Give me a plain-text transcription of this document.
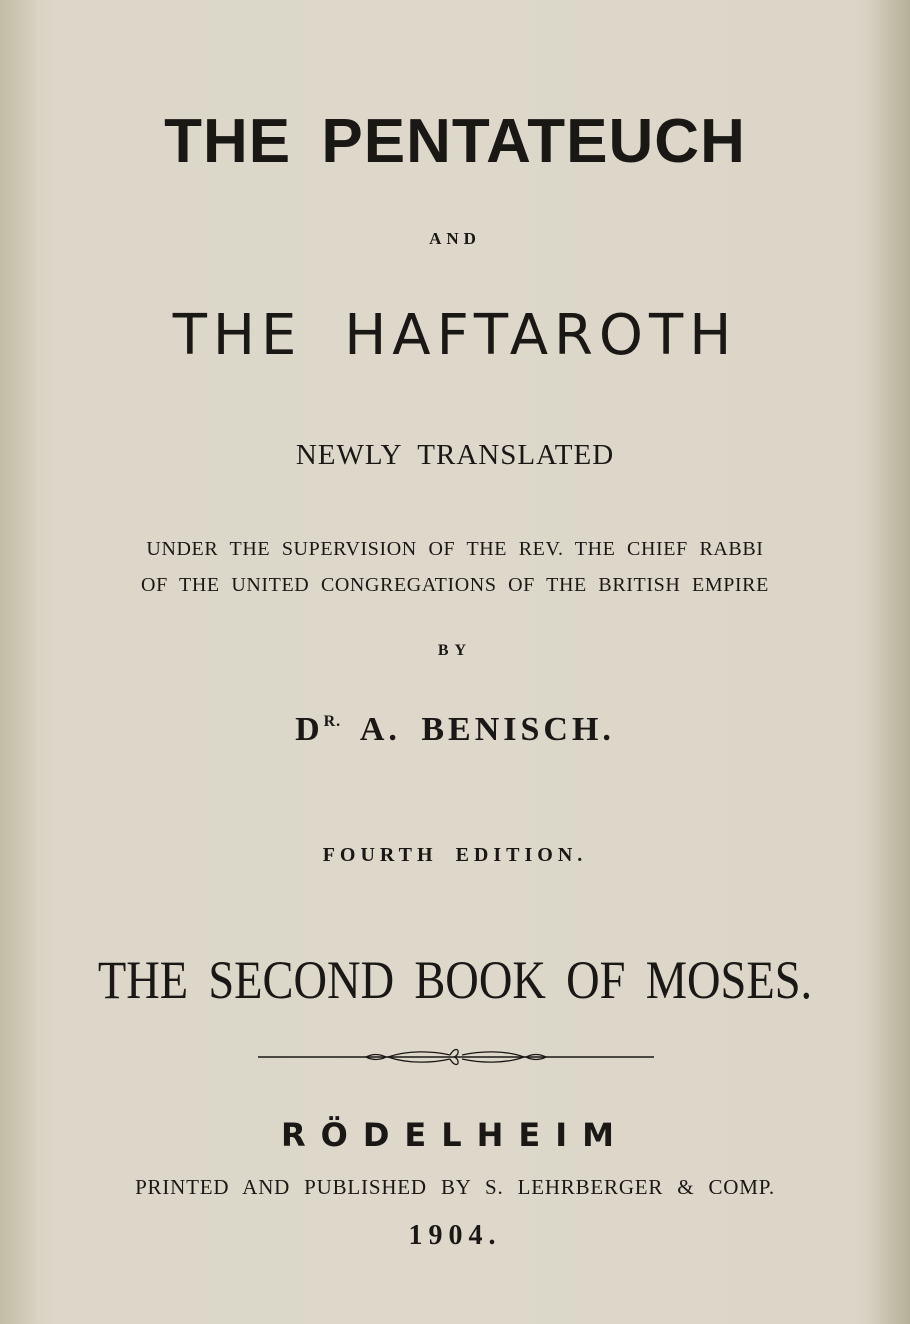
THE PENTATEUCH
AND
THE HAFTAROTH
NEWLY TRANSLATED
UNDER THE SUPERVISION OF THE REV. THE CHIEF RABBI
OF THE UNITED CONGREGATIONS OF THE BRITISH EMPIRE
BY
$D^{R.}$ A. BENISCH.
FOURTH EDITION.
THE SECOND BOOK OF MOSES.
RÖDELHEIM
PRINTED AND PUBLISHED BY S. LEHRBERGER & COMP.
1904.
